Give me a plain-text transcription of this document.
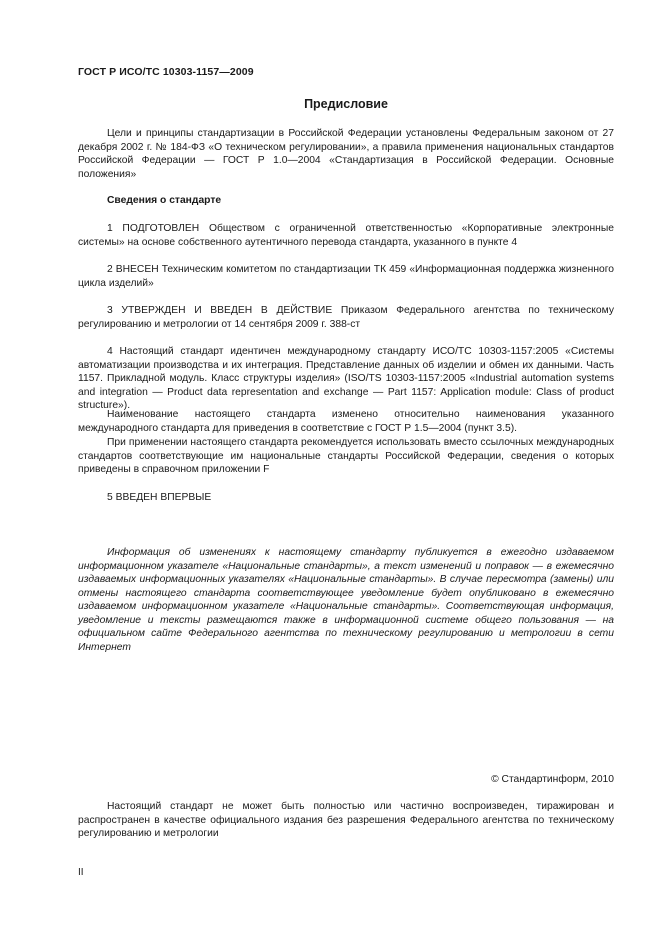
ГОСТ Р ИСО/ТС 10303-1157—2009
Предисловие
Цели и принципы стандартизации в Российской Федерации установлены Федеральным законом от 27 декабря 2002 г. № 184-ФЗ «О техническом регулировании», а правила применения национальных стандартов Российской Федерации — ГОСТ Р 1.0—2004 «Стандартизация в Российской Федерации. Основные положения»
Сведения о стандарте
1 ПОДГОТОВЛЕН Обществом с ограниченной ответственностью «Корпоративные электронные системы» на основе собственного аутентичного перевода стандарта, указанного в пункте 4
2 ВНЕСЕН Техническим комитетом по стандартизации ТК 459 «Информационная поддержка жизненного цикла изделий»
3 УТВЕРЖДЕН И ВВЕДЕН В ДЕЙСТВИЕ Приказом Федерального агентства по техническому регулированию и метрологии от 14 сентября 2009 г. 388-ст
4 Настоящий стандарт идентичен международному стандарту ИСО/ТС 10303-1157:2005 «Системы автоматизации производства и их интеграция. Представление данных об изделии и обмен их данными. Часть 1157. Прикладной модуль. Класс структуры изделия» (ISO/TS 10303-1157:2005 «Industrial automation systems and integration — Product data representation and exchange — Part 1157: Application module: Class of product structure»).
Наименование настоящего стандарта изменено относительно наименования указанного международного стандарта для приведения в соответствие с ГОСТ Р 1.5—2004 (пункт 3.5).
При применении настоящего стандарта рекомендуется использовать вместо ссылочных международных стандартов соответствующие им национальные стандарты Российской Федерации, сведения о которых приведены в справочном приложении F
5 ВВЕДЕН ВПЕРВЫЕ
Информация об изменениях к настоящему стандарту публикуется в ежегодно издаваемом информационном указателе «Национальные стандарты», а текст изменений и поправок — в ежемесячно издаваемых информационных указателях «Национальные стандарты». В случае пересмотра (замены) или отмены настоящего стандарта соответствующее уведомление будет опубликовано в ежемесячно издаваемом информационном указателе «Национальные стандарты». Соответствующая информация, уведомление и тексты размещаются также в информационной системе общего пользования — на официальном сайте Федерального агентства по техническому регулированию и метрологии в сети Интернет
© Стандартинформ, 2010
Настоящий стандарт не может быть полностью или частично воспроизведен, тиражирован и распространен в качестве официального издания без разрешения Федерального агентства по техническому регулированию и метрологии
II
